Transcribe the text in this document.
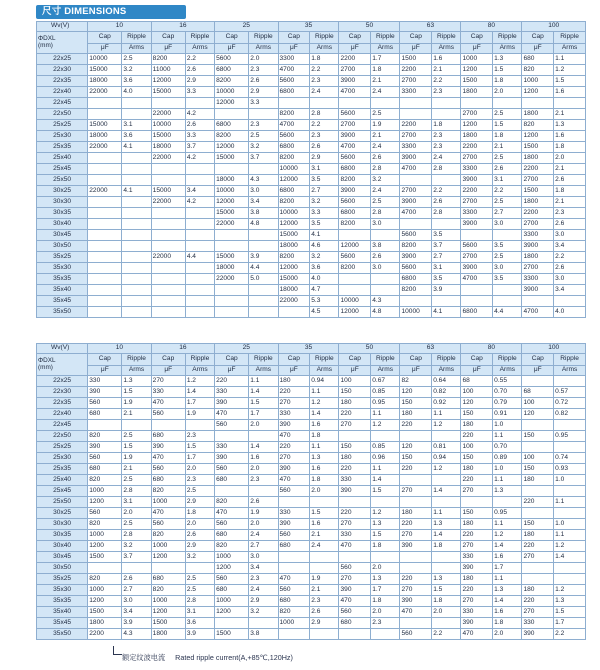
尺寸 DIMENSIONS
Wv(V)	10		16		25		35		50		63		80		100	
ΦDXL
(mm)	Cap	Ripple	Cap	Ripple	Cap	Ripple	Cap	Ripple	Cap	Ripple	Cap	Ripple	Cap	Ripple	Cap	Ripple
	μF	Arms	μF	Arms	μF	Arms	μF	Arms	μF	Arms	μF	Arms	μF	Arms	μF	Arms
22x25	10000	2.5	8200	2.2	5600	2.0	3300	1.8	2200	1.7	1500	1.6	1000	1.3	680	1.1
22x30	15000	3.2	11000	2.6	6800	2.3	4700	2.2	2700	1.8	2200	2.1	1200	1.5	820	1.2
22x35	18000	3.6	12000	2.9	8200	2.6	5600	2.3	3900	2.1	2700	2.2	1500	1.8	1000	1.5
22x40	22000	4.0	15000	3.3	10000	2.9	6800	2.4	4700	2.4	3300	2.3	1800	2.0	1200	1.6
22x45					12000	3.3										
22x50			22000	4.2			8200	2.8	5600	2.5			2700	2.5	1800	2.1
25x25	15000	3.1	10000	2.6	6800	2.3	4700	2.2	2700	1.9	2200	1.8	1200	1.5	820	1.3
25x30	18000	3.6	15000	3.3	8200	2.5	5600	2.3	3900	2.1	2700	2.3	1800	1.8	1200	1.6
25x35	22000	4.1	18000	3.7	12000	3.2	6800	2.6	4700	2.4	3300	2.3	2200	2.1	1500	1.8
25x40			22000	4.2	15000	3.7	8200	2.9	5600	2.6	3900	2.4	2700	2.5	1800	2.0
25x45							10000	3.1	6800	2.8	4700	2.8	3300	2.6	2200	2.1
25x50					18000	4.3	12000	3.5	8200	3.2			3900	3.1	2700	2.6
30x25	22000	4.1	15000	3.4	10000	3.0	6800	2.7	3900	2.4	2700	2.2	2200	2.2	1500	1.8
30x30			22000	4.2	12000	3.4	8200	3.2	5600	2.5	3900	2.6	2700	2.5	1800	2.1
30x35					15000	3.8	10000	3.3	6800	2.8	4700	2.8	3300	2.7	2200	2.3
30x40					22000	4.8	12000	3.5	8200	3.0			3900	3.0	2700	2.6
30x45							15000	4.1			5600	3.5			3300	3.0
30x50							18000	4.6	12000	3.8	8200	3.7	5600	3.5	3900	3.4
35x25			22000	4.4	15000	3.9	8200	3.2	5600	2.6	3900	2.7	2700	2.5	1800	2.2
35x30					18000	4.4	12000	3.6	8200	3.0	5600	3.1	3900	3.0	2700	2.6
35x35					22000	5.0	15000	4.0			6800	3.5	4700	3.5	3300	3.0
35x40							18000	4.7			8200	3.9			3900	3.4
35x45							22000	5.3	10000	4.3						
35x50								4.5	12000	4.8	10000	4.1	6800	4.4	4700	4.0
Wv(V)	10		16		25		35		50		63		80		100	
ΦDXL
(mm)	Cap	Ripple	Cap	Ripple	Cap	Ripple	Cap	Ripple	Cap	Ripple	Cap	Ripple	Cap	Ripple	Cap	Ripple
	μF	Arms	μF	Arms	μF	Arms	μF	Arms	μF	Arms	μF	Arms	μF	Arms	μF	Arms
22x25	330	1.3	270	1.2	220	1.1	180	0.94	100	0.67	82	0.64	68	0.55		
22x30	390	1.5	330	1.4	330	1.4	220	1.1	150	0.85	120	0.82	100	0.70	68	0.57
22x35	560	1.9	470	1.7	390	1.5	270	1.2	180	0.95	150	0.92	120	0.79	100	0.72
22x40	680	2.1	560	1.9	470	1.7	330	1.4	220	1.1	180	1.1	150	0.91	120	0.82
22x45					560	2.0	390	1.6	270	1.2	220	1.2	180	1.0		
22x50	820	2.5	680	2.3			470	1.8					220	1.1	150	0.95
25x25	390	1.5	390	1.5	330	1.4	220	1.1	150	0.85	120	0.81	100	0.70		
25x30	560	1.9	470	1.7	390	1.6	270	1.3	180	0.96	150	0.94	150	0.89	100	0.74
25x35	680	2.1	560	2.0	560	2.0	390	1.6	220	1.1	220	1.2	180	1.0	150	0.93
25x40	820	2.5	680	2.3	680	2.3	470	1.8	330	1.4			220	1.1	180	1.0
25x45	1000	2.8	820	2.5			560	2.0	390	1.5	270	1.4	270	1.3		
25x50	1200	3.1	1000	2.9	820	2.6									220	1.1
30x25	560	2.0	470	1.8	470	1.9	330	1.5	220	1.2	180	1.1	150	0.95		
30x30	820	2.5	560	2.0	560	2.0	390	1.6	270	1.3	220	1.3	180	1.1	150	1.0
30x35	1000	2.8	820	2.6	680	2.4	560	2.1	330	1.5	270	1.4	220	1.2	180	1.1
30x40	1200	3.2	1000	2.9	820	2.7	680	2.4	470	1.8	390	1.8	270	1.4	220	1.2
30x45	1500	3.7	1200	3.2	1000	3.0							330	1.6	270	1.4
30x50					1200	3.4			560	2.0			390	1.7		
35x25	820	2.6	680	2.5	560	2.3	470	1.9	270	1.3	220	1.3	180	1.1		
35x30	1000	2.7	820	2.5	680	2.4	560	2.1	390	1.7	270	1.5	220	1.3	180	1.2
35x35	1200	3.0	1000	2.8	1000	2.9	680	2.3	470	1.8	390	1.8	270	1.4	220	1.3
35x40	1500	3.4	1200	3.1	1200	3.2	820	2.6	560	2.0	470	2.0	330	1.6	270	1.5
35x45	1800	3.9	1500	3.6			1000	2.9	680	2.3			390	1.8	330	1.7
35x50	2200	4.3	1800	3.9	1500	3.8					560	2.2	470	2.0	390	2.2
额定纹波电流 Rated ripple current(A,+85℃,120Hz)
